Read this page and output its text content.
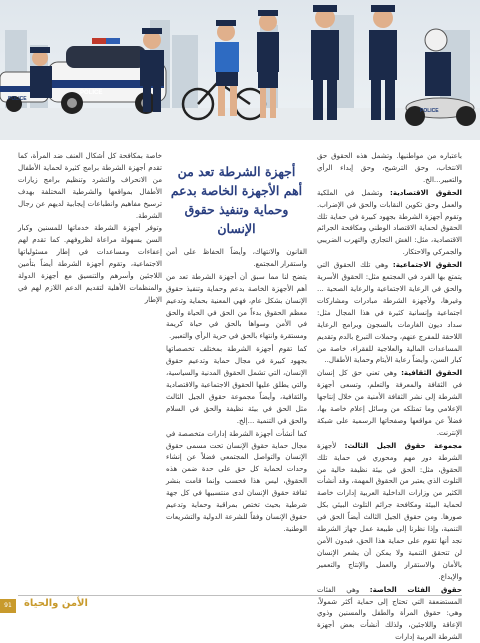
POLICE
POLICE
POLICE

باعتباره من مواطنيها. وتشمل هذه الحقوق حق الانتخاب، وحق الترشيح، وحق إبداء الرأي والتعبير...الخ.

الحقوق الاقتصادية: وتشمل في الملكية والعمل وحق تكوين النقابات والحق في الإضراب. وتقوم أجهزة الشرطة بجهود كبيرة في حماية تلك الحقوق لحماية الاقتصاد الوطني ومكافحة الجرائم الاقتصادية، مثل: الغش التجاري والتهرب الضريبي والجمركي والاحتكار.

الحقوق الاجتماعية: وهي تلك الحقوق التي يتمتع بها الفرد في المجتمع مثل: الحقوق الأسرية والحق في الرعاية الاجتماعية والرعاية الصحية ... وغيرها، ولأجهزة الشرطة مبادرات ومشاركات اجتماعية وإنسانية كثيرة في هذا المجال مثل: سداد ديون الغارمات بالسجون وبرامج الرعاية اللاحقة للمفرج عنهم، وحملات التبرع بالدم وتقديم المساعدات المالية والعلاجية للفقراء، خاصة من كبار السن، وأيضاً رعاية الأيتام وحماية الأطفال..

الحقوق الثقافية: وهي تعني حق كل إنسان في الثقافة والمعرفة والتعلم، وتسعى أجهزة الشرطة إلى نشر الثقافة الأمنية من خلال إنتاجها الإعلامي وما تمتلكه من وسائل إعلام خاصة بها، فضلاً عن مواقعها وصفحاتها الرسمية على شبكة الإنترنت.

مجموعة حقوق الجيل الثالث: لأجهزة الشرطة دور مهم ومحوري في حماية تلك الحقوق، مثل: الحق في بيئة نظيفة خالية من التلوث الذي يعتبر من الحقوق المهمة، وقد أنشأت الكثير من وزارات الداخلية العربية إدارات خاصة لحماية البيئة ومكافحة جرائم التلوث البيئي بكل صورها. ومن حقوق الجيل الثالث أيضاً الحق في التنمية، وإذا نظرنا إلى طبيعة عمل جهاز الشرطة نجد أنها تقوم على حماية هذا الحق، فبدون الأمن لن تتحقق التنمية ولا يمكن أن يشعر الإنسان بالأمان والاستقرار والعمل والإنتاج والتعمير والإبداع.

حقوق الفئات الخاصة: وهي الفئات المستضعفة التي تحتاج إلى حماية أكثر شمولاً، وهي: حقوق المرأة والطفل والمسنين وذوي الإعاقة واللاجئين، ولذلك أنشأت بعض أجهزة الشرطة العربية إدارات

أجهزة الشرطة تعد من أهم الأجهزة الخاصة بدعم وحماية وتنفيذ حقوق الإنسان

القانون والانتهاك، وأيضاً الحفاظ على أمن واستقرار المجتمع.

يتضح لنا مما سبق أن أجهزة الشرطة تعد من أهم الأجهزة الخاصة بدعم وحماية وتنفيذ حقوق الإنسان بشكل عام، فهي المعنية بحماية وتدعيم معظم الحقوق بدءاً من الحق في الحياة والحق في الأمن وسواها بالحق في حياة كريمة ومستقرة وانتهاء بالحق في حرية الرأي والتعبير.

كما تقوم أجهزة الشرطة بمختلف تخصصاتها بجهود كبيرة في مجال حماية وتدعيم حقوق الإنسان، التي تشمل الحقوق المدنية والسياسية، والتي يطلق عليها الحقوق الاجتماعية والاقتصادية والثقافية، وأيضاً مجموعة حقوق الجيل الثالث مثل الحق في بيئة نظيفة والحق في السلام والحق في التنمية ...إلخ.

كما أنشأت أجهزة الشرطة إدارات متخصصة في مجال حماية حقوق الإنسان تحت مسمى حقوق الإنسان والتواصل المجتمعي فضلاً عن إنشاء وحدات لحماية كل حق على حدة ضمن هذه الحقوق، ليس هذا فحسب وإنما قامت بنشر ثقافة حقوق الإنسان لدى منتسبيها في كل جهة شرطية بحيث تختص بمراقبة وحماية وتدعيم حقوق الإنسان وفقاً للشرعة الدولية والتشريعات الوطنية.

خاصة بمكافحة كل أشكال العنف ضد المرأة، كما تقدم أجهزة الشرطة برامج كثيرة لحماية الأطفال من الانحراف والتشرد وتنظيم برامج زيارات الأطفال بمواقعها والشرطية المختلفة بهدف ترسيخ مفاهيم وانطباعات إيجابية لديهم عن رجال الشرطة.

وتوفر أجهزة الشرطة خدماتها للمسنين وكبار السن بسهولة مراعاة لظروفهم. كما تقدم لهم إعفاءات ومساعدات في إطار مسئولياتها الاجتماعية، وتقوم أجهزة الشرطة أيضاً بتأمين اللاجئين وأسرهم والتنسيق مع أجهزة الدولة والمنظمات الأهلية لتقديم الدعم اللازم لهم في الإطار

91	الأمن والحياة
